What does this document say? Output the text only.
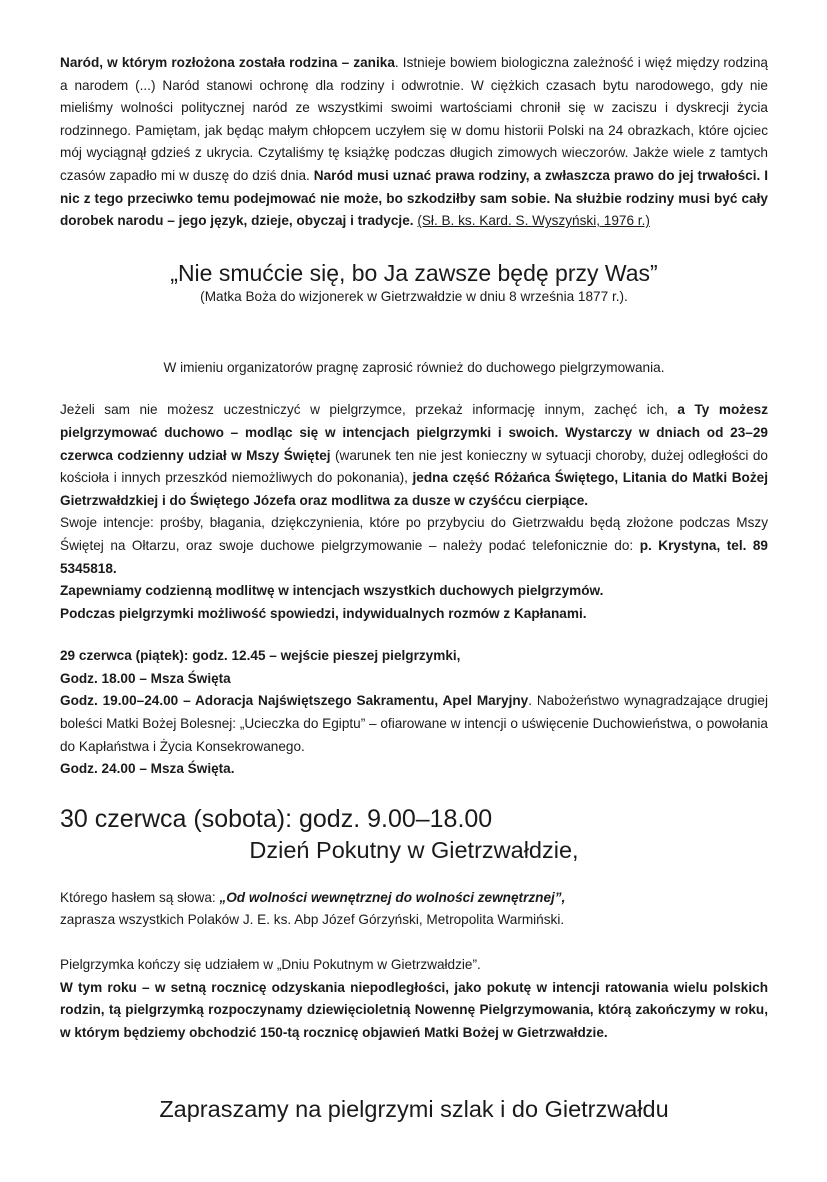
Naród, w którym rozłożona została rodzina – zanika. Istnieje bowiem biologiczna zależność i więź między rodziną a narodem (...) Naród stanowi ochronę dla rodziny i odwrotnie. W ciężkich czasach bytu narodowego, gdy nie mieliśmy wolności politycznej naród ze wszystkimi swoimi wartościami chronił się w zaciszu i dyskrecji życia rodzinnego. Pamiętam, jak będąc małym chłopcem uczyłem się w domu historii Polski na 24 obrazkach, które ojciec mój wyciągnął gdzieś z ukrycia. Czytaliśmy tę książkę podczas długich zimowych wieczorów. Jakże wiele z tamtych czasów zapadło mi w duszę do dziś dnia. Naród musi uznać prawa rodziny, a zwłaszcza prawo do jej trwałości. I nic z tego przeciwko temu podejmować nie może, bo szkodziłby sam sobie. Na służbie rodziny musi być cały dorobek narodu – jego język, dzieje, obyczaj i tradycje. (Sł. B. ks. Kard. S. Wyszyński, 1976 r.)

„Nie smućcie się, bo Ja zawsze będę przy Was”

(Matka Boża do wizjonerek w Gietrzwałdzie w dniu 8 września 1877 r.).

W imieniu organizatorów pragnę zaprosić również do duchowego pielgrzymowania.

Jeżeli sam nie możesz uczestniczyć w pielgrzymce, przekaż informację innym, zachęć ich, a Ty możesz pielgrzymować duchowo – modląc się w intencjach pielgrzymki i swoich. Wystarczy w dniach od 23–29 czerwca codzienny udział w Mszy Świętej (warunek ten nie jest konieczny w sytuacji choroby, dużej odległości do kościoła i innych przeszkód niemożliwych do pokonania), jedna część Różańca Świętego, Litania do Matki Bożej Gietrzwałdzkiej i do Świętego Józefa oraz modlitwa za dusze w czyśćcu cierpiące.

Swoje intencje: prośby, błagania, dziękczynienia, które po przybyciu do Gietrzwałdu będą złożone podczas Mszy Świętej na Ołtarzu, oraz swoje duchowe pielgrzymowanie – należy podać telefonicznie do: p. Krystyna, tel. 89 5345818.

Zapewniamy codzienną modlitwę w intencjach wszystkich duchowych pielgrzymów.

Podczas pielgrzymki możliwość spowiedzi, indywidualnych rozmów z Kapłanami.

29 czerwca (piątek): godz. 12.45 – wejście pieszej pielgrzymki,

Godz. 18.00 – Msza Święta

Godz. 19.00–24.00 – Adoracja Najświętszego Sakramentu, Apel Maryjny. Nabożeństwo wynagradzające drugiej boleści Matki Bożej Bolesnej: „Ucieczka do Egiptu” – ofiarowane w intencji o uświęcenie Duchowieństwa, o powołania do Kapłaństwa i Życia Konsekrowanego.

Godz. 24.00 – Msza Święta.

30 czerwca (sobota): godz. 9.00–18.00

Dzień Pokutny w Gietrzwałdzie,

Którego hasłem są słowa: „Od wolności wewnętrznej do wolności zewnętrznej”,

zaprasza wszystkich Polaków J. E. ks. Abp Józef Górzyński, Metropolita Warmiński.

Pielgrzymka kończy się udziałem w „Dniu Pokutnym w Gietrzwałdzie”.

W tym roku – w setną rocznicę odzyskania niepodległości, jako pokutę w intencji ratowania wielu polskich rodzin, tą pielgrzymką rozpoczynamy dziewięcioletnią Nowennę Pielgrzymowania, którą zakończymy w roku, w którym będziemy obchodzić 150-tą rocznicę objawień Matki Bożej w Gietrzwałdzie.

Zapraszamy na pielgrzymi szlak i do Gietrzwałdu
